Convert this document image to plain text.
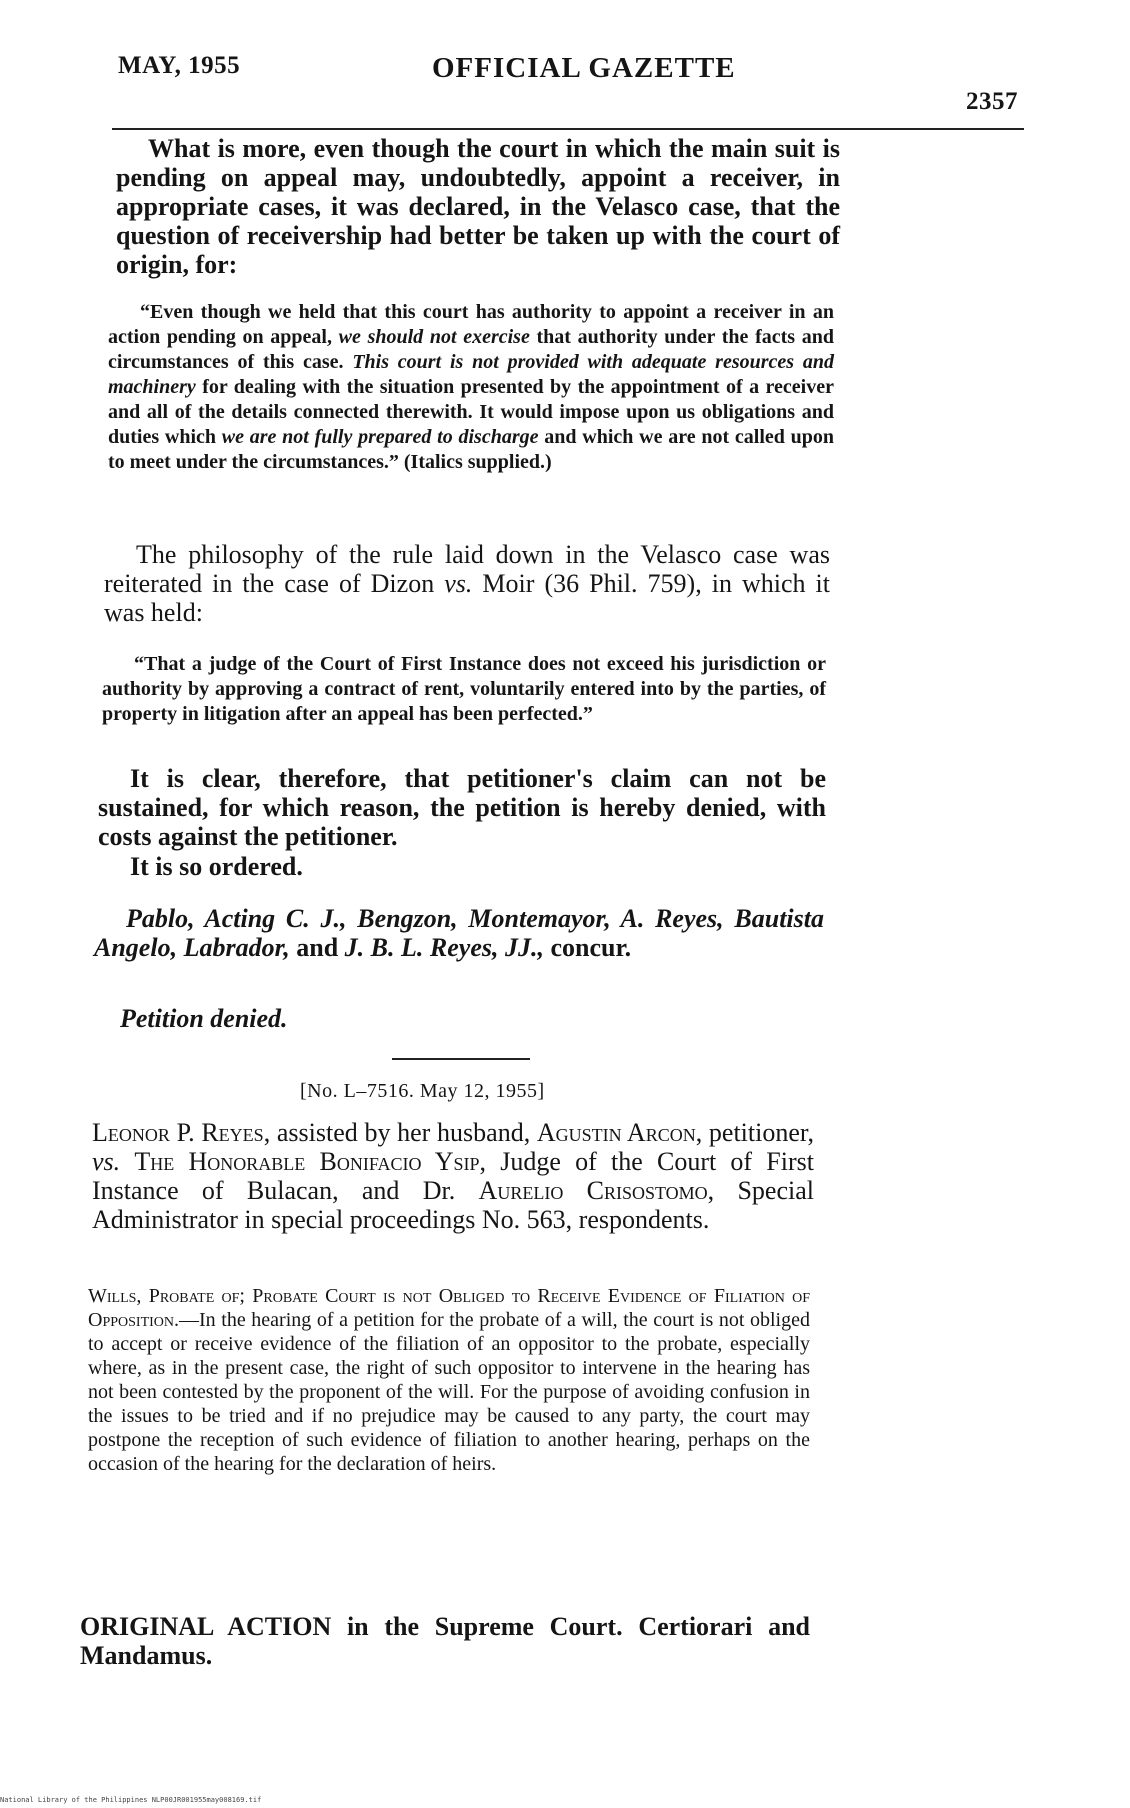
MAY, 1955	OFFICIAL GAZETTE
2357
What is more, even though the court in which the main suit is pending on appeal may, undoubtedly, appoint a receiver, in appropriate cases, it was declared, in the Velasco case, that the question of receivership had better be taken up with the court of origin, for:
“Even though we held that this court has authority to appoint a receiver in an action pending on appeal, we should not exercise that authority under the facts and circumstances of this case. This court is not provided with adequate resources and machinery for dealing with the situation presented by the appointment of a receiver and all of the details connected therewith. It would impose upon us obligations and duties which we are not fully prepared to discharge and which we are not called upon to meet under the circumstances.” (Italics supplied.)
The philosophy of the rule laid down in the Velasco case was reiterated in the case of Dizon vs. Moir (36 Phil. 759), in which it was held:
“That a judge of the Court of First Instance does not exceed his jurisdiction or authority by approving a contract of rent, voluntarily entered into by the parties, of property in litigation after an appeal has been perfected.”
It is clear, therefore, that petitioner's claim can not be sustained, for which reason, the petition is hereby denied, with costs against the petitioner.
It is so ordered.
Pablo, Acting C. J., Bengzon, Montemayor, A. Reyes, Bautista Angelo, Labrador, and J. B. L. Reyes, JJ., concur.
Petition denied.
[No. L–7516. May 12, 1955]
Leonor P. Reyes, assisted by her husband, Agustin Arcon, petitioner, vs. The Honorable Bonifacio Ysip, Judge of the Court of First Instance of Bulacan, and Dr. Aurelio Crisostomo, Special Administrator in special proceedings No. 563, respondents.
Wills, Probate of; Probate Court is not Obliged to Receive Evidence of Filiation of Opposition.—In the hearing of a petition for the probate of a will, the court is not obliged to accept or receive evidence of the filiation of an oppositor to the probate, especially where, as in the present case, the right of such oppositor to intervene in the hearing has not been contested by the proponent of the will. For the purpose of avoiding confusion in the issues to be tried and if no prejudice may be caused to any party, the court may postpone the reception of such evidence of filiation to another hearing, perhaps on the occasion of the hearing for the declaration of heirs.
ORIGINAL ACTION in the Supreme Court. Certiorari and Mandamus.
National Library of the Philippines NLP00JR001955may008169.tif
